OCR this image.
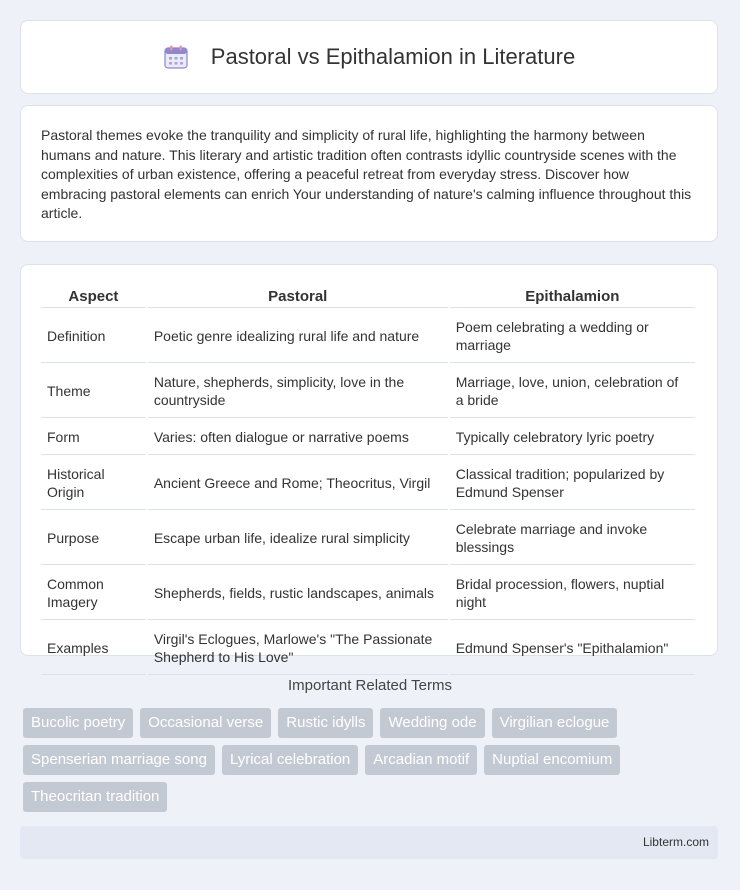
Pastoral vs Epithalamion in Literature

Pastoral themes evoke the tranquility and simplicity of rural life, highlighting the harmony between humans and nature. This literary and artistic tradition often contrasts idyllic countryside scenes with the complexities of urban existence, offering a peaceful retreat from everyday stress. Discover how embracing pastoral elements can enrich Your understanding of nature's calming influence throughout this article.

Aspect	Pastoral	Epithalamion
Definition	Poetic genre idealizing rural life and nature	Poem celebrating a wedding or marriage
Theme	Nature, shepherds, simplicity, love in the countryside	Marriage, love, union, celebration of a bride
Form	Varies: often dialogue or narrative poems	Typically celebratory lyric poetry
Historical Origin	Ancient Greece and Rome; Theocritus, Virgil	Classical tradition; popularized by Edmund Spenser
Purpose	Escape urban life, idealize rural simplicity	Celebrate marriage and invoke blessings
Common Imagery	Shepherds, fields, rustic landscapes, animals	Bridal procession, flowers, nuptial night
Examples	Virgil's Eclogues, Marlowe's "The Passionate Shepherd to His Love"	Edmund Spenser's "Epithalamion"
Important Related Terms
Bucolic poetry	Occasional verse	Rustic idylls	Wedding ode	Virgilian eclogue
Spenserian marriage song	Lyrical celebration	Arcadian motif	Nuptial encomium
Theocritan tradition
Libterm.com
